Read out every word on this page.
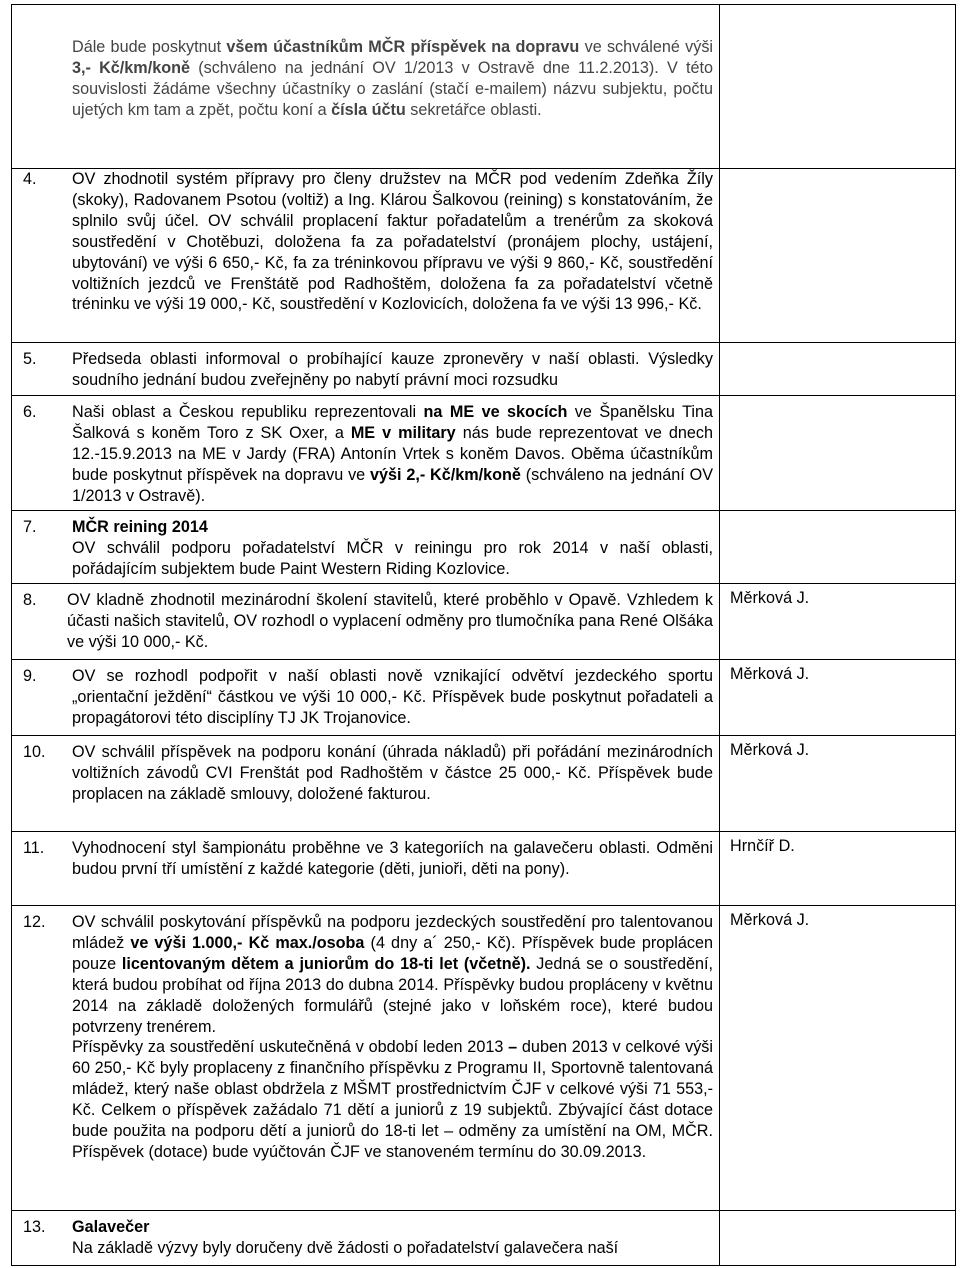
Dále bude poskytnut všem účastníkům MČR příspěvek na dopravu ve schválené výši 3,- Kč/km/koně (schváleno na jednání OV 1/2013 v Ostravě dne 11.2.2013). V této souvislosti žádáme všechny účastníky o zaslání (stačí e-mailem) názvu subjektu, počtu ujetých km tam a zpět, počtu koní a čísla účtu sekretářce oblasti.	

4. OV zhodnotil systém přípravy pro členy družstev na MČR pod vedením Zdeňka Žíly (skoky), Radovanem Psotou (voltiž) a Ing. Klárou Šalkovou (reining) s konstatováním, že splnilo svůj účel. OV schválil proplacení faktur pořadatelům a trenérům za skoková soustředění v Chotěbuzi, doložena fa za pořadatelství (pronájem plochy, ustájení, ubytování) ve výši 6 650,- Kč, fa za tréninkovou přípravu ve výši 9 860,- Kč, soustředění voltižních jezdců ve Frenštátě pod Radhoštěm, doložena fa za pořadatelství včetně tréninku ve výši 19 000,- Kč, soustředění v Kozlovicích, doložena fa ve výši 13 996,- Kč.	

5. Předseda oblasti informoval o probíhající kauze zpronevěry v naší oblasti. Výsledky soudního jednání budou zveřejněny po nabytí právní moci rozsudku	

6. Naši oblast a Českou republiku reprezentovali na ME ve skocích ve Španělsku Tina Šalková s koněm Toro z SK Oxer, a ME v military nás bude reprezentovat ve dnech 12.-15.9.2013 na ME v Jardy (FRA) Antonín Vrtek s koněm Davos. Oběma účastníkům bude poskytnut příspěvek na dopravu ve výši 2,- Kč/km/koně (schváleno na jednání OV 1/2013 v Ostravě).	

7. MČR reining 2014
OV schválil podporu pořadatelství MČR v reiningu pro rok 2014 v naší oblasti, pořádajícím subjektem bude Paint Western Riding Kozlovice.	

8. OV kladně zhodnotil mezinárodní školení stavitelů, které proběhlo v Opavě. Vzhledem k účasti našich stavitelů, OV rozhodl o vyplacení odměny pro tlumočníka pana René Olšáka ve výši 10 000,- Kč.	Měrková J.

9. OV se rozhodl podpořit v naší oblasti nově vznikající odvětví jezdeckého sportu „orientační ježdění“ částkou ve výši 10 000,- Kč. Příspěvek bude poskytnut pořadateli a propagátorovi této disciplíny TJ JK Trojanovice.	Měrková J.

10. OV schválil příspěvek na podporu konání (úhrada nákladů) při pořádání mezinárodních voltižních závodů CVI Frenštát pod Radhoštěm v částce 25 000,- Kč. Příspěvek bude proplacen na základě smlouvy, doložené fakturou.	Měrková J.

11. Vyhodnocení styl šampionátu proběhne ve 3 kategoriích na galavečeru oblasti. Odměni budou první tří umístění z každé kategorie (děti, junioři, děti na pony).	Hrnčíř D.

12. OV schválil poskytování příspěvků na podporu jezdeckých soustředění pro talentovanou mládež ve výši 1.000,- Kč max./osoba (4 dny a´ 250,- Kč). Příspěvek bude proplácen pouze licentovaným dětem a juniorům do 18-ti let (včetně). Jedná se o soustředění, která budou probíhat od října 2013 do dubna 2014. Příspěvky budou propláceny v květnu 2014 na základě doložených formulářů (stejné jako v loňském roce), které budou potvrzeny trenérem.
Příspěvky za soustředění uskutečněná v období leden 2013 – duben 2013 v celkové výši 60 250,- Kč byly proplaceny z finančního příspěvku z Programu II, Sportovně talentovaná mládež, který naše oblast obdržela z MŠMT prostřednictvím ČJF v celkové výši 71 553,- Kč. Celkem o příspěvek zažádalo 71 dětí a juniorů z 19 subjektů. Zbývající část dotace bude použita na podporu dětí a juniorů do 18-ti let – odměny za umístění na OM, MČR. Příspěvek (dotace) bude vyúčtován ČJF ve stanoveném termínu do 30.09.2013.	Měrková J.

13. Galavečer
Na základě výzvy byly doručeny dvě žádosti o pořadatelství galavečera naší	
